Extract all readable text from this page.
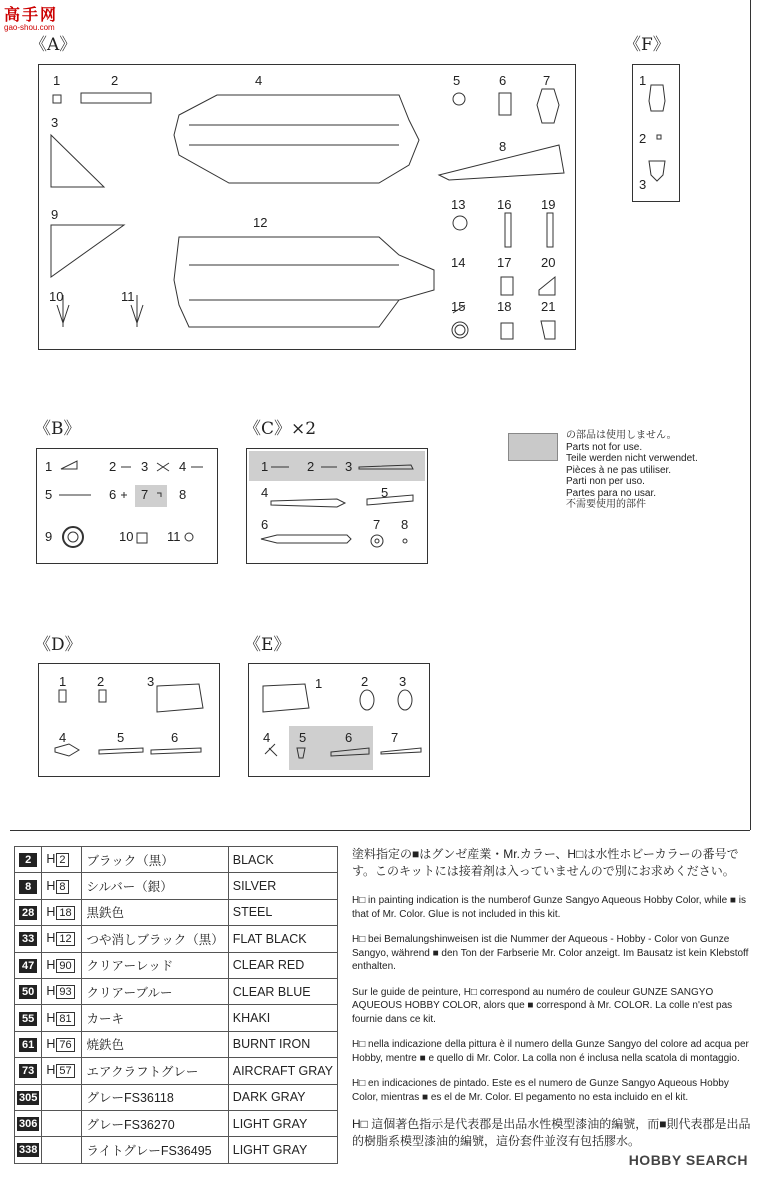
高手网
gao-shou.com
《A》
1	2
3
4	5	6	7
8
9
10	11
12
13
14
15
16
17
18
19
20
21
《F》
1
2
3
《B》
1	2 3 4
5	6 7 8
9	10	11
《C》×2
1	2 3
4	5
6	7 8
の部品は使用しません。
Parts not for use.
Teile werden nicht verwendet.
Pièces à ne pas utiliser.
Parti non per uso.
Partes para no usar.
不需要使用的部件
《D》
1 2	3
4	5	6
《E》
1	2 3
4 5	6	7
2	H 2	ブラック（黒）	BLACK
8	H 8	シルバー（銀）	SILVER
28	H 18	黒鉄色	STEEL
33	H 12	つや消しブラック（黒）	FLAT BLACK
47	H 90	クリアーレッド	CLEAR RED
50	H 93	クリアーブルー	CLEAR BLUE
55	H 81	カーキ	KHAKI
61	H 76	焼鉄色	BURNT IRON
73	H 57	エアクラフトグレー	AIRCRAFT GRAY
305		グレーFS36118	DARK GRAY
306		グレーFS36270	LIGHT GRAY
338		ライトグレーFS36495	LIGHT GRAY

塗料指定の■はグンゼ産業・Mr.カラー、H□は水性ホビーカラーの番号です。このキットには接着剤は入っていませんので別にお求めください。

H□ in painting indication is the numberof Gunze Sangyo Aqueous Hobby Color, while ■ is that of Mr. Color. Glue is not included in this kit.

H□ bei Bemalungshinweisen ist die Nummer der Aqueous - Hobby - Color von Gunze Sangyo, während ■ den Ton der Farbserie Mr. Color anzeigt. Im Bausatz ist kein Klebstoff enthalten.

Sur le guide de peinture, H□ correspond au numéro de couleur GUNZE SANGYO AQUEOUS HOBBY COLOR, alors que ■ correspond à Mr. COLOR. La colle n'est pas fournie dans ce kit.

H□ nella indicazione della pittura è il numero della Gunze Sangyo del colore ad acqua per Hobby, mentre ■ e quello di Mr. Color. La colla non é inclusa nella scatola di montaggio.

H□ en indicaciones de pintado. Este es el numero de Gunze Sangyo Aqueous Hobby Color, mientras ■ es el de Mr. Color. El pegamento no esta incluido en el kit.

H□ 這個著色指示是代表郡是出品水性模型漆油的編號，而■則代表郡是出品的樹脂系模型漆油的編號，這份套件並沒有包括膠水。

HOBBY SEARCH
